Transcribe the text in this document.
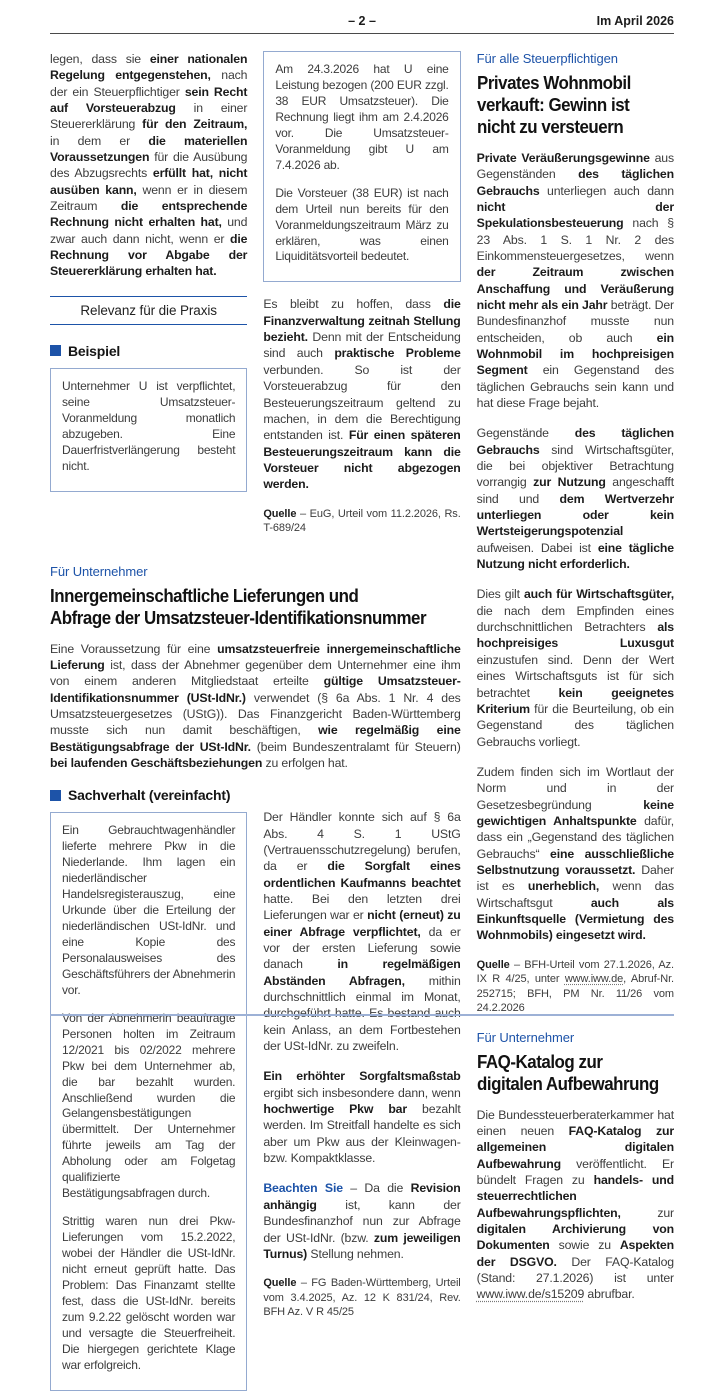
– 2 –	Im April 2026

legen, dass sie einer nationalen Regelung entgegenstehen, nach der ein Steuerpflichtiger sein Recht auf Vorsteuerabzug in einer Steuererklärung für den Zeitraum, in dem er die materiellen Voraussetzungen für die Ausübung des Abzugsrechts erfüllt hat, nicht ausüben kann, wenn er in diesem Zeitraum die entsprechende Rechnung nicht erhalten hat, und zwar auch dann nicht, wenn er die Rechnung vor Abgabe der Steuererklärung erhalten hat.

Relevanz für die Praxis
Beispiel

Unternehmer U ist verpflichtet, seine Umsatzsteuer-Voranmeldung monatlich abzugeben. Eine Dauerfristverlängerung besteht nicht.

Am 24.3.2026 hat U eine Leistung bezogen (200 EUR zzgl. 38 EUR Umsatzsteuer). Die Rechnung liegt ihm am 2.4.2026 vor. Die Umsatzsteuer-Voranmeldung gibt U am 7.4.2026 ab.

Die Vorsteuer (38 EUR) ist nach dem Urteil nun bereits für den Voranmeldungszeitraum März zu erklären, was einen Liquiditätsvorteil bedeutet.

Es bleibt zu hoffen, dass die Finanzverwaltung zeitnah Stellung bezieht. Denn mit der Entscheidung sind auch praktische Probleme verbunden. So ist der Vorsteuerabzug für den Besteuerungszeitraum geltend zu machen, in dem die Berechtigung entstanden ist. Für einen späteren Besteuerungszeitraum kann die Vorsteuer nicht abgezogen werden.

Quelle – EuG, Urteil vom 11.2.2026, Rs. T-689/24

Für Unternehmer

Innergemeinschaftliche Lieferungen und
Abfrage der Umsatzsteuer-Identifikationsnummer

Eine Voraussetzung für eine umsatzsteuerfreie innergemeinschaftliche Lieferung ist, dass der Abnehmer gegenüber dem Unternehmer eine ihm von einem anderen Mitgliedstaat erteilte gültige Umsatzsteuer-Identifikationsnummer (USt-IdNr.) verwendet (§ 6a Abs. 1 Nr. 4 des Umsatzsteuergesetzes (UStG)). Das Finanzgericht Baden-Württemberg musste sich nun damit beschäftigen, wie regelmäßig eine Bestätigungsabfrage der USt-IdNr. (beim Bundeszentralamt für Steuern) bei laufenden Geschäftsbeziehungen zu erfolgen hat.

Sachverhalt (vereinfacht)

Ein Gebrauchtwagenhändler lieferte mehrere Pkw in die Niederlande. Ihm lagen ein niederländischer Handelsregisterauszug, eine Urkunde über die Erteilung der niederländischen USt-IdNr. und eine Kopie des Personalausweises des Geschäftsführers der Abnehmerin vor.

Von der Abnehmerin beauftragte Personen holten im Zeitraum 12/2021 bis 02/2022 mehrere Pkw bei dem Unternehmer ab, die bar bezahlt wurden. Anschließend wurden die Gelangensbestätigungen übermittelt. Der Unternehmer führte jeweils am Tag der Abholung oder am Folgetag qualifizierte Bestätigungsabfragen durch.

Strittig waren nun drei Pkw-Lieferungen vom 15.2.2022, wobei der Händler die USt-IdNr. nicht erneut geprüft hatte. Das Problem: Das Finanzamt stellte fest, dass die USt-IdNr. bereits zum 9.2.22 gelöscht worden war und versagte die Steuerfreiheit. Die hiergegen gerichtete Klage war erfolgreich.

Der Händler konnte sich auf § 6a Abs. 4 S. 1 UStG (Vertrauensschutzregelung) berufen, da er die Sorgfalt eines ordentlichen Kaufmanns beachtet hatte. Bei den letzten drei Lieferungen war er nicht (erneut) zu einer Abfrage verpflichtet, da er vor der ersten Lieferung sowie danach in regelmäßigen Abständen Abfragen, mithin durchschnittlich einmal im Monat, durchgeführt hatte. Es bestand auch kein Anlass, an dem Fortbestehen der USt-IdNr. zu zweifeln.

Ein erhöhter Sorgfaltsmaßstab ergibt sich insbesondere dann, wenn hochwertige Pkw bar bezahlt werden. Im Streitfall handelte es sich aber um Pkw aus der Kleinwagen- bzw. Kompaktklasse.

Beachten Sie – Da die Revision anhängig ist, kann der Bundesfinanzhof nun zur Abfrage der USt-IdNr. (bzw. zum jeweiligen Turnus) Stellung nehmen.

Quelle – FG Baden-Württemberg, Urteil vom 3.4.2025, Az. 12 K 831/24, Rev. BFH Az. V R 45/25

Für alle Steuerpflichtigen

Privates Wohnmobil
verkauft: Gewinn ist
nicht zu versteuern

Private Veräußerungsgewinne aus Gegenständen des täglichen Gebrauchs unterliegen auch dann nicht der Spekulationsbesteuerung nach § 23 Abs. 1 S. 1 Nr. 2 des Einkommensteuergesetzes, wenn der Zeitraum zwischen Anschaffung und Veräußerung nicht mehr als ein Jahr beträgt. Der Bundesfinanzhof musste nun entscheiden, ob auch ein Wohnmobil im hochpreisigen Segment ein Gegenstand des täglichen Gebrauchs sein kann und hat diese Frage bejaht.

Gegenstände des täglichen Gebrauchs sind Wirtschaftsgüter, die bei objektiver Betrachtung vorrangig zur Nutzung angeschafft sind und dem Wertverzehr unterliegen oder kein Wertsteigerungspotenzial aufweisen. Dabei ist eine tägliche Nutzung nicht erforderlich.

Dies gilt auch für Wirtschaftsgüter, die nach dem Empfinden eines durchschnittlichen Betrachters als hochpreisiges Luxusgut einzustufen sind. Denn der Wert eines Wirtschaftsguts ist für sich betrachtet kein geeignetes Kriterium für die Beurteilung, ob ein Gegenstand des täglichen Gebrauchs vorliegt.

Zudem finden sich im Wortlaut der Norm und in der Gesetzesbegründung keine gewichtigen Anhaltspunkte dafür, dass ein „Gegenstand des täglichen Gebrauchs“ eine ausschließliche Selbstnutzung voraussetzt. Daher ist es unerheblich, wenn das Wirtschaftsgut auch als Einkunftsquelle (Vermietung des Wohnmobils) eingesetzt wird.

Quelle – BFH-Urteil vom 27.1.2026, Az. IX R 4/25, unter www.iww.de, Abruf-Nr. 252715; BFH, PM Nr. 11/26 vom 24.2.2026

Für Unternehmer

FAQ-Katalog zur
digitalen Aufbewahrung

Die Bundessteuerberaterkammer hat einen neuen FAQ-Katalog zur allgemeinen digitalen Aufbewahrung veröffentlicht. Er bündelt Fragen zu handels- und steuerrechtlichen Aufbewahrungspflichten, zur digitalen Archivierung von Dokumenten sowie zu Aspekten der DSGVO. Der FAQ-Katalog (Stand: 27.1.2026) ist unter www.iww.de/s15209 abrufbar.
